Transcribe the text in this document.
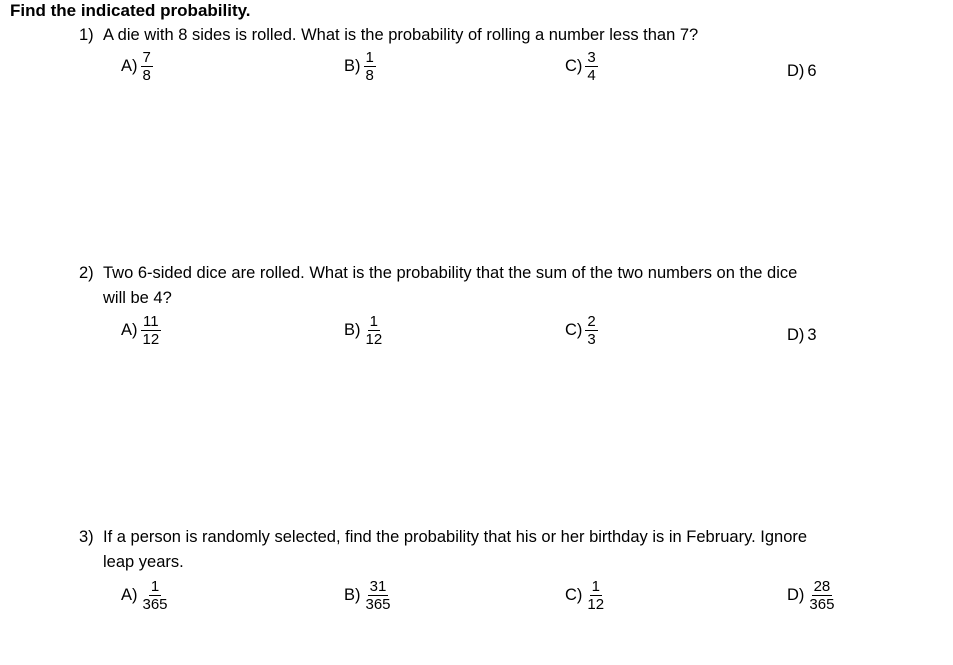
Find the indicated probability.
1) A die with 8 sides is rolled. What is the probability of rolling a number less than 7?
$A) \frac{7}{8}$	$B) \frac{1}{8}$	$C) \frac{3}{4}$	D) 6
2) Two 6-sided dice are rolled. What is the probability that the sum of the two numbers on the dice
will be 4?
$A) \frac{11}{12}$	$B) \frac{1}{12}$	$C) \frac{2}{3}$	D) 3
3) If a person is randomly selected, find the probability that his or her birthday is in February. Ignore
leap years.
$A) \frac{1}{365}$	$B) \frac{31}{365}$	$C) \frac{1}{12}$	$D) \frac{28}{365}$
